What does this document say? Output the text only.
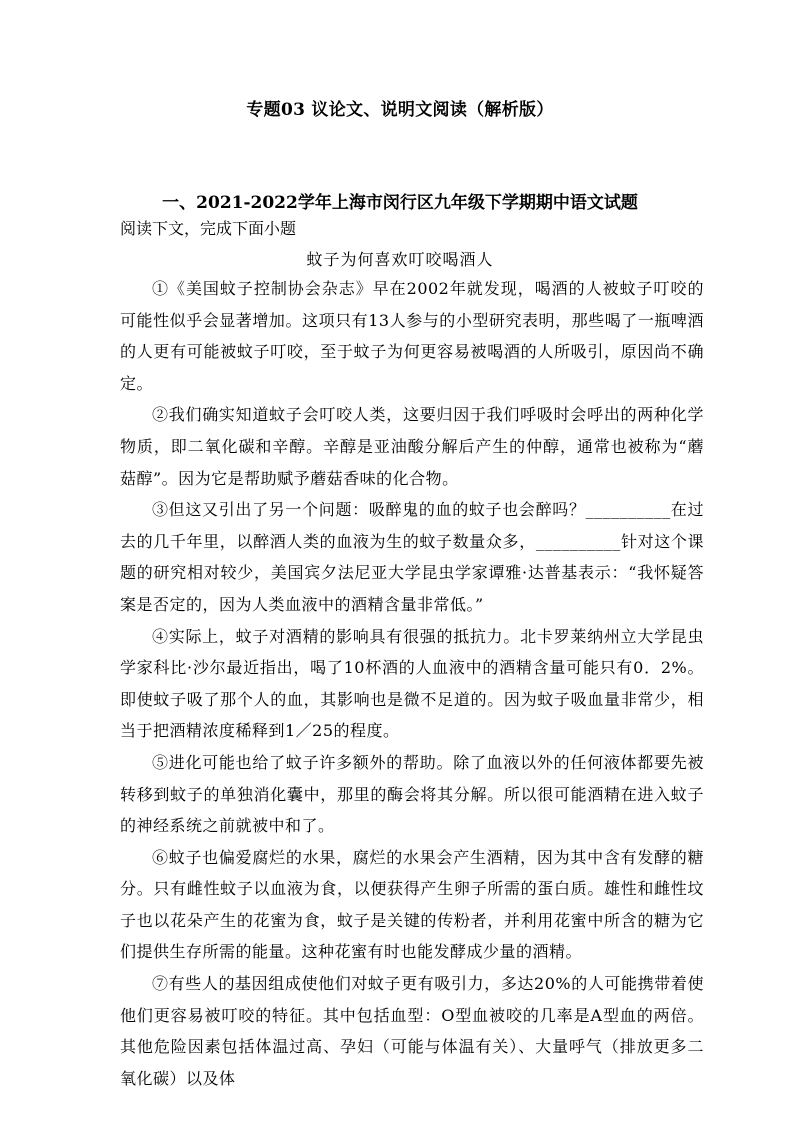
专题03 议论文、说明文阅读（解析版）
一、2021-2022学年上海市闵行区九年级下学期期中语文试题
阅读下文，完成下面小题
蚊子为何喜欢叮咬喝酒人

①《美国蚊子控制协会杂志》早在2002年就发现，喝酒的人被蚊子叮咬的可能性似乎会显著增加。这项只有13人参与的小型研究表明，那些喝了一瓶啤酒的人更有可能被蚊子叮咬，至于蚊子为何更容易被喝酒的人所吸引，原因尚不确定。

②我们确实知道蚊子会叮咬人类，这要归因于我们呼吸时会呼出的两种化学物质，即二氧化碳和辛醇。辛醇是亚油酸分解后产生的仲醇，通常也被称为“蘑菇醇”。因为它是帮助赋予蘑菇香味的化合物。

③但这又引出了另一个问题：吸醉鬼的血的蚊子也会醉吗？__________在过去的几千年里，以醉酒人类的血液为生的蚊子数量众多，__________针对这个课题的研究相对较少，美国宾夕法尼亚大学昆虫学家谭雅·达普基表示：“我怀疑答案是否定的，因为人类血液中的酒精含量非常低。”

④实际上，蚊子对酒精的影响具有很强的抵抗力。北卡罗莱纳州立大学昆虫学家科比·沙尔最近指出，喝了10杯酒的人血液中的酒精含量可能只有0．2%。即使蚊子吸了那个人的血，其影响也是微不足道的。因为蚊子吸血量非常少，相当于把酒精浓度稀释到1／25的程度。

⑤进化可能也给了蚊子许多额外的帮助。除了血液以外的任何液体都要先被转移到蚊子的单独消化囊中，那里的酶会将其分解。所以很可能酒精在进入蚊子的神经系统之前就被中和了。

⑥蚊子也偏爱腐烂的水果，腐烂的水果会产生酒精，因为其中含有发酵的糖分。只有雌性蚊子以血液为食，以便获得产生卵子所需的蛋白质。雄性和雌性坟子也以花朵产生的花蜜为食，蚊子是关键的传粉者，并利用花蜜中所含的糖为它们提供生存所需的能量。这种花蜜有时也能发酵成少量的酒精。

⑦有些人的基因组成使他们对蚊子更有吸引力，多达20%的人可能携带着使他们更容易被叮咬的特征。其中包括血型：O型血被咬的几率是A型血的两倍。其他危险因素包括体温过高、孕妇（可能与体温有关）、大量呼气（排放更多二氧化碳）以及体
